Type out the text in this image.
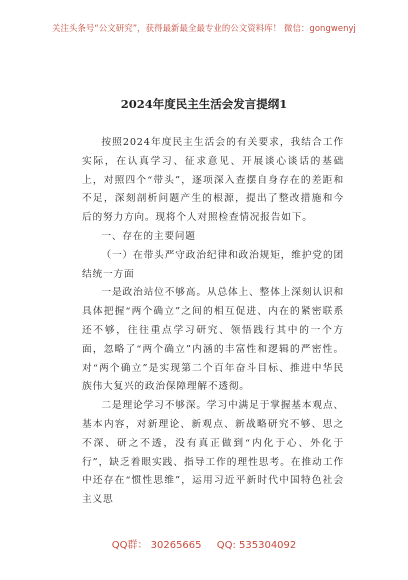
关注头条号“公文研究”，获得最新最全最专业的公文资料库！ 微信：gongwenyj
2024年度民主生活会发言提纲1

按照2024年度民主生活会的有关要求，我结合工作实际，在认真学习、征求意见、开展谈心谈话的基础上，对照四个“带头”，逐项深入查摆自身存在的差距和不足，深刻剖析问题产生的根源，提出了整改措施和今后的努力方向。现将个人对照检查情况报告如下。

一、存在的主要问题

（一）在带头严守政治纪律和政治规矩，维护党的团结统一方面

一是政治站位不够高。从总体上、整体上深刻认识和具体把握“两个确立”之间的相互促进、内在的紧密联系还不够，往往重点学习研究、领悟践行其中的一个方面，忽略了“两个确立”内涵的丰富性和逻辑的严密性。对“两个确立”是实现第二个百年奋斗目标、推进中华民族伟大复兴的政治保障理解不透彻。

二是理论学习不够深。学习中满足于掌握基本观点、基本内容，对新理论、新观点、新战略研究不够、思之不深、研之不透，没有真正做到“内化于心、外化于行”，缺乏着眼实践、指导工作的理性思考。在推动工作中还存在“惯性思维”，运用习近平新时代中国特色社会主义思

QQ群： 30265665 QQ: 535304092
